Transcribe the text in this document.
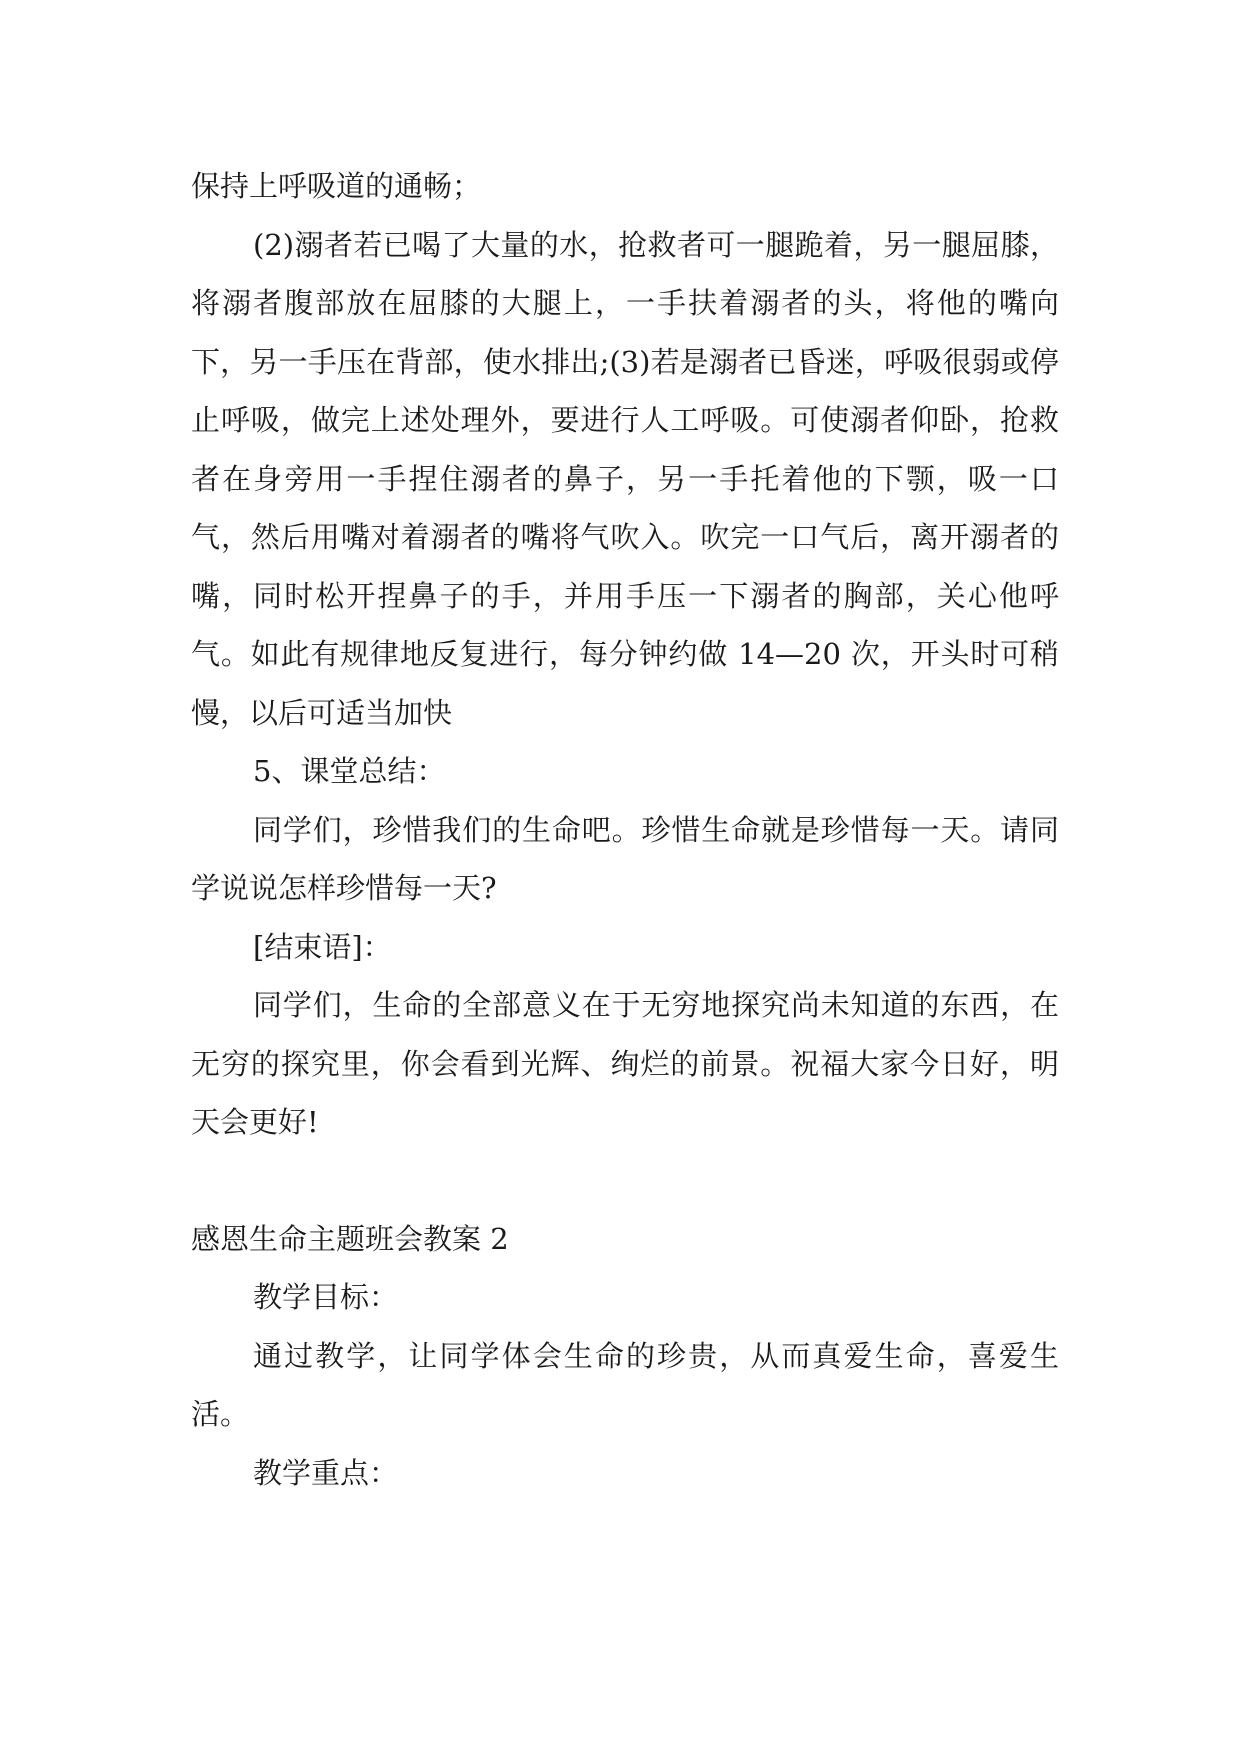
保持上呼吸道的通畅；

(2)溺者若已喝了大量的水，抢救者可一腿跪着，另一腿屈膝，将溺者腹部放在屈膝的大腿上，一手扶着溺者的头，将他的嘴向下，另一手压在背部，使水排出;(3)若是溺者已昏迷，呼吸很弱或停止呼吸，做完上述处理外，要进行人工呼吸。可使溺者仰卧，抢救者在身旁用一手捏住溺者的鼻子，另一手托着他的下颚，吸一口气，然后用嘴对着溺者的嘴将气吹入。吹完一口气后，离开溺者的嘴，同时松开捏鼻子的手，并用手压一下溺者的胸部，关心他呼气。如此有规律地反复进行，每分钟约做 14—20 次，开头时可稍慢，以后可适当加快

5、课堂总结：

同学们，珍惜我们的生命吧。珍惜生命就是珍惜每一天。请同学说说怎样珍惜每一天?

[结束语]：

同学们，生命的全部意义在于无穷地探究尚未知道的东西，在无穷的探究里，你会看到光辉、绚烂的前景。祝福大家今日好，明天会更好!

感恩生命主题班会教案 2

教学目标：

通过教学，让同学体会生命的珍贵，从而真爱生命，喜爱生活。

教学重点：
